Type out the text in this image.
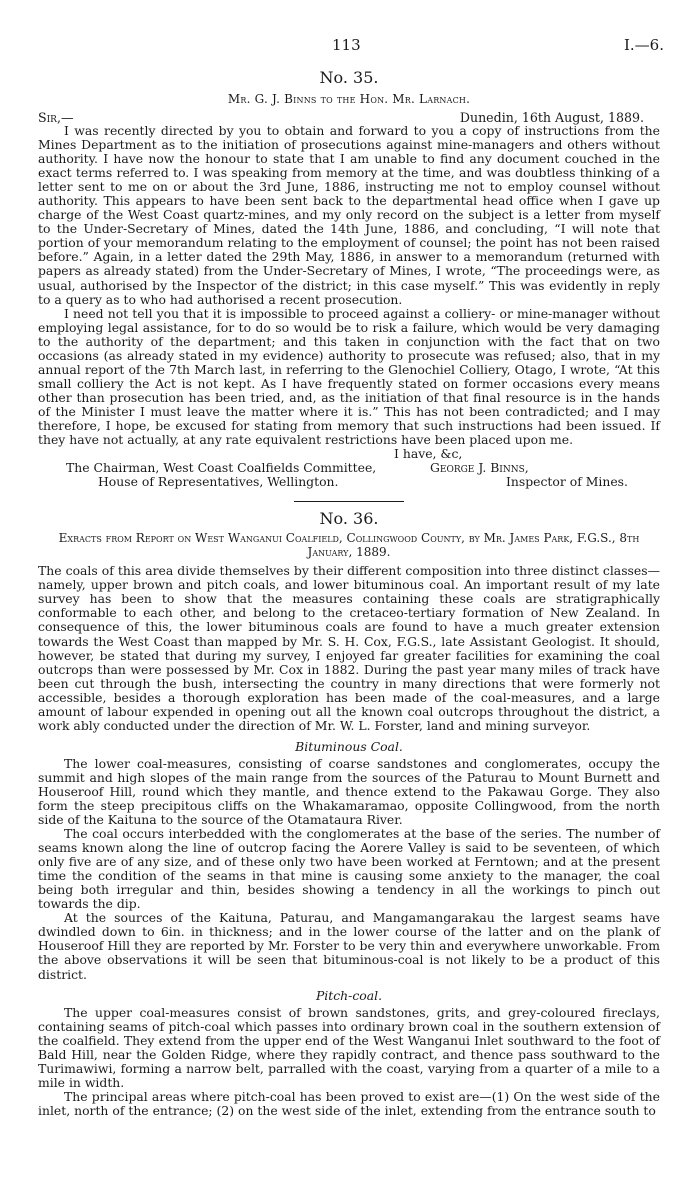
113	I.—6.
No. 35.
Mr. G. J. Binns to the Hon. Mr. Larnach.
Sir,—	Dunedin, 16th August, 1889.

I was recently directed by you to obtain and forward to you a copy of instructions from the Mines Department as to the initiation of prosecutions against mine-managers and others without authority. I have now the honour to state that I am unable to find any document couched in the exact terms referred to. I was speaking from memory at the time, and was doubtless thinking of a letter sent to me on or about the 3rd June, 1886, instructing me not to employ counsel without authority. This appears to have been sent back to the departmental head office when I gave up charge of the West Coast quartz-mines, and my only record on the subject is a letter from myself to the Under-Secretary of Mines, dated the 14th June, 1886, and concluding, “I will note that portion of your memorandum relating to the employment of counsel; the point has not been raised before.” Again, in a letter dated the 29th May, 1886, in answer to a memorandum (returned with papers as already stated) from the Under-Secretary of Mines, I wrote, “The proceedings were, as usual, authorised by the Inspector of the district; in this case myself.” This was evidently in reply to a query as to who had authorised a recent prosecution.

I need not tell you that it is impossible to proceed against a colliery- or mine-manager without employing legal assistance, for to do so would be to risk a failure, which would be very damaging to the authority of the department; and this taken in conjunction with the fact that on two occasions (as already stated in my evidence) authority to prosecute was refused; also, that in my annual report of the 7th March last, in referring to the Glenochiel Colliery, Otago, I wrote, “At this small colliery the Act is not kept. As I have frequently stated on former occasions every means other than prosecution has been tried, and, as the initiation of that final resource is in the hands of the Minister I must leave the matter where it is.” This has not been contradicted; and I may therefore, I hope, be excused for stating from memory that such instructions had been issued. If they have not actually, at any rate equivalent restrictions have been placed upon me.

I have, &c,
The Chairman, West Coast Coalfields Committee,
House of Representatives, Wellington.
George J. Binns,
Inspector of Mines.
No. 36.
Exracts from Report on West Wanganui Coalfield, Collingwood County, by Mr. James Park, F.G.S., 8th January, 1889.

The coals of this area divide themselves by their different composition into three distinct classes—namely, upper brown and pitch coals, and lower bituminous coal. An important result of my late survey has been to show that the measures containing these coals are stratigraphically conformable to each other, and belong to the cretaceo-tertiary formation of New Zealand. In consequence of this, the lower bituminous coals are found to have a much greater extension towards the West Coast than mapped by Mr. S. H. Cox, F.G.S., late Assistant Geologist. It should, however, be stated that during my survey, I enjoyed far greater facilities for examining the coal outcrops than were possessed by Mr. Cox in 1882. During the past year many miles of track have been cut through the bush, intersecting the country in many directions that were formerly not accessible, besides a thorough exploration has been made of the coal-measures, and a large amount of labour expended in opening out all the known coal outcrops throughout the district, a work ably conducted under the direction of Mr. W. L. Forster, land and mining surveyor.

Bituminous Coal.

The lower coal-measures, consisting of coarse sandstones and conglomerates, occupy the summit and high slopes of the main range from the sources of the Paturau to Mount Burnett and Houseroof Hill, round which they mantle, and thence extend to the Pakawau Gorge. They also form the steep precipitous cliffs on the Whakamaramao, opposite Collingwood, from the north side of the Kaituna to the source of the Otamataura River.

The coal occurs interbedded with the conglomerates at the base of the series. The number of seams known along the line of outcrop facing the Aorere Valley is said to be seventeen, of which only five are of any size, and of these only two have been worked at Ferntown; and at the present time the condition of the seams in that mine is causing some anxiety to the manager, the coal being both irregular and thin, besides showing a tendency in all the workings to pinch out towards the dip.

At the sources of the Kaituna, Paturau, and Mangamangarakau the largest seams have dwindled down to 6in. in thickness; and in the lower course of the latter and on the plank of Houseroof Hill they are reported by Mr. Forster to be very thin and everywhere unworkable. From the above observations it will be seen that bituminous-coal is not likely to be a product of this district.

Pitch-coal.

The upper coal-measures consist of brown sandstones, grits, and grey-coloured fireclays, containing seams of pitch-coal which passes into ordinary brown coal in the southern extension of the coalfield. They extend from the upper end of the West Wanganui Inlet southward to the foot of Bald Hill, near the Golden Ridge, where they rapidly contract, and thence pass southward to the Turimawiwi, forming a narrow belt, parralled with the coast, varying from a quarter of a mile to a mile in width.

The principal areas where pitch-coal has been proved to exist are—(1) On the west side of the inlet, north of the entrance; (2) on the west side of the inlet, extending from the entrance south to
